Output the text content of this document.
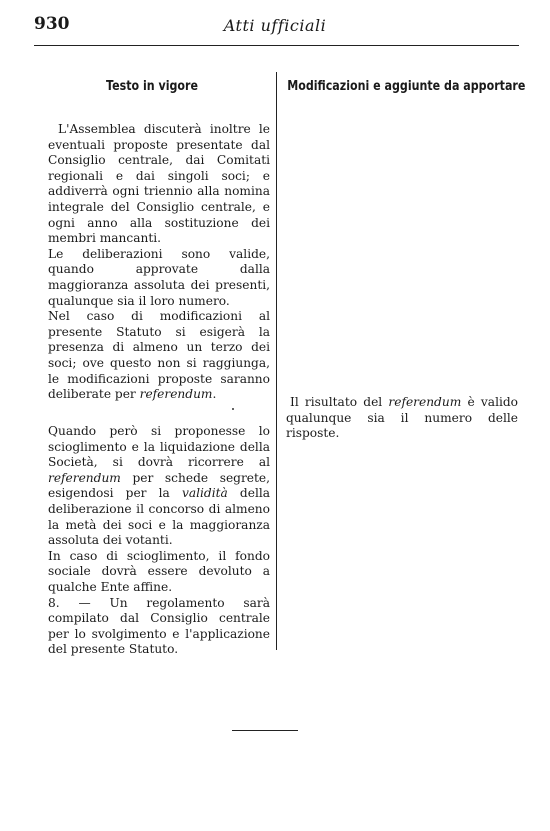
930	Atti ufficiali
Testo in vigore	Modificazioni e aggiunte da apportare

L'Assemblea discuterà inoltre le eventuali proposte presentate dal Consiglio centrale, dai Comitati regionali e dai singoli soci; e addiverrà ogni triennio alla nomina integrale del Consiglio centrale, e ogni anno alla sostituzione dei membri mancanti.

Le deliberazioni sono valide, quando approvate dalla maggioranza assoluta dei presenti, qualunque sia il loro numero.

Nel caso di modificazioni al presente Statuto si esigerà la presenza di almeno un terzo dei soci; ove questo non si raggiunga, le modificazioni proposte saranno deliberate per referendum.

Quando però si proponesse lo scioglimento e la liquidazione della Società, si dovrà ricorrere al referendum per schede segrete, esigendosi per la validità della deliberazione il concorso di almeno la metà dei soci e la maggioranza assoluta dei votanti.

In caso di scioglimento, il fondo sociale dovrà essere devoluto a qualche Ente affine.

8. — Un regolamento sarà compilato dal Consiglio centrale per lo svolgimento e l'applicazione del presente Statuto.

Il risultato del referendum è valido qualunque sia il numero delle risposte.
